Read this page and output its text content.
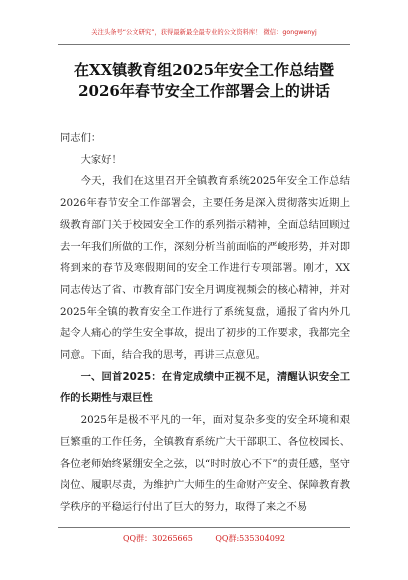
关注头条号“公文研究”，获得最新最全最专业的公文资料库！ 微信：gongwenyj
在XX镇教育组2025年安全工作总结暨
2026年春节安全工作部署会上的讲话

同志们：

大家好！

今天，我们在这里召开全镇教育系统2025年安全工作总结2026年春节安全工作部署会，主要任务是深入贯彻落实近期上级教育部门关于校园安全工作的系列指示精神，全面总结回顾过去一年我们所做的工作，深刻分析当前面临的严峻形势，并对即将到来的春节及寒假期间的安全工作进行专项部署。刚才，XX同志传达了省、市教育部门安全月调度视频会的核心精神，并对2025年全镇的教育安全工作进行了系统复盘，通报了省内外几起令人痛心的学生安全事故，提出了初步的工作要求，我都完全同意。下面，结合我的思考，再讲三点意见。

一、回首2025：在肯定成绩中正视不足，清醒认识安全工作的长期性与艰巨性

2025年是极不平凡的一年，面对复杂多变的安全环境和艰巨繁重的工作任务，全镇教育系统广大干部职工、各位校园长、各位老师始终紧绷安全之弦，以“时时放心不下”的责任感，坚守岗位、履职尽责，为维护广大师生的生命财产安全、保障教育教学秩序的平稳运行付出了巨大的努力，取得了来之不易

QQ群：30265665	QQ群:535304092
